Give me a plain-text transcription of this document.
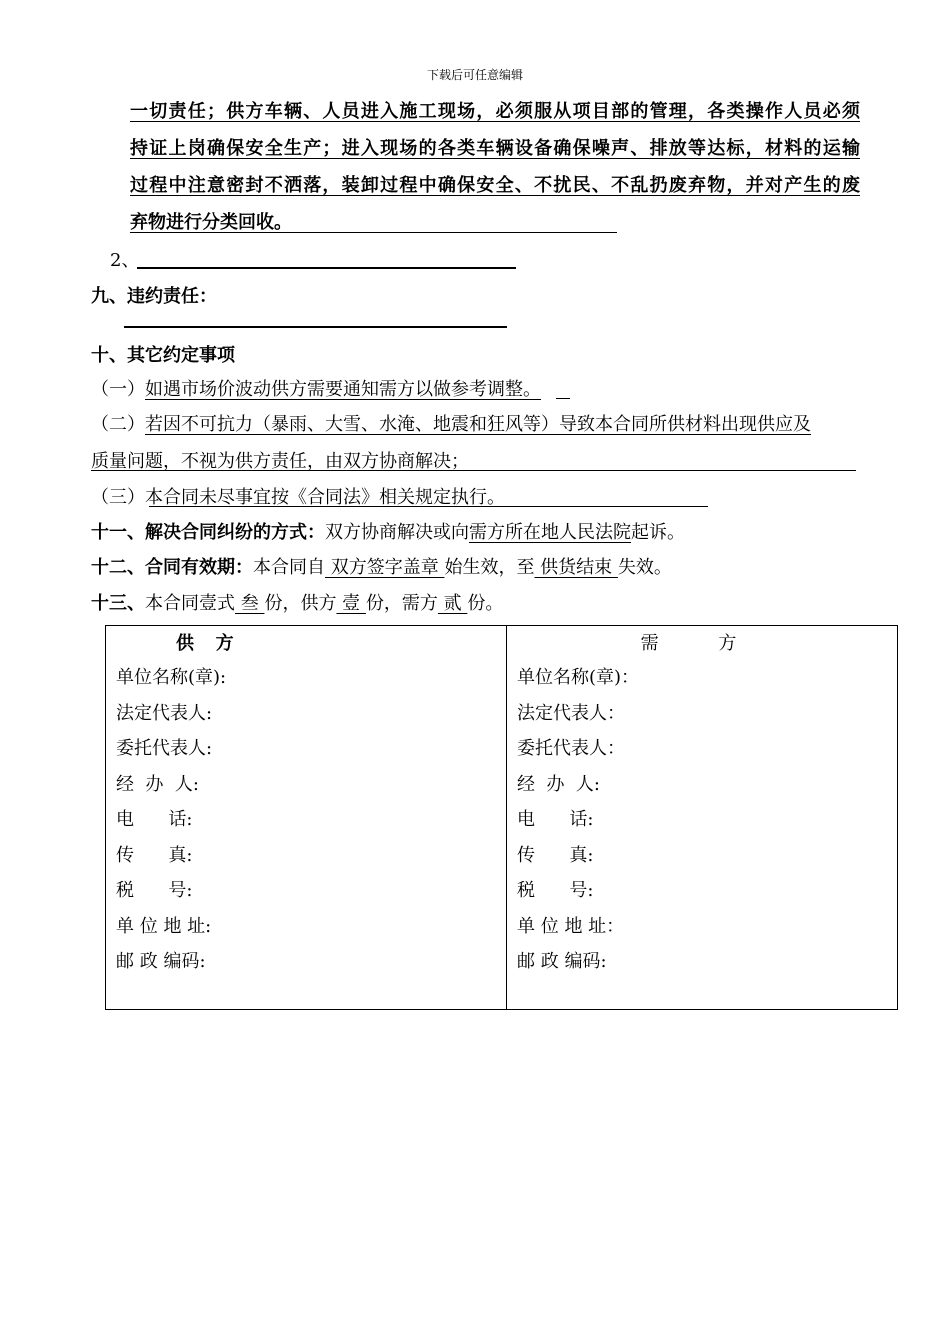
下载后可任意编辑
一切责任；供方车辆、人员进入施工现场，必须服从项目部的管理，各类操作人员必须
持证上岗确保安全生产；进入现场的各类车辆设备确保噪声、排放等达标，材料的运输
过程中注意密封不洒落，装卸过程中确保安全、不扰民、不乱扔废弃物，并对产生的废
弃物进行分类回收。
2、
九、违约责任：
十、其它约定事项
（一）如遇市场价波动供方需要通知需方以做参考调整。
（二）若因不可抗力（暴雨、大雪、水淹、地震和狂风等）导致本合同所供材料出现供应及
质量问题，不视为供方责任，由双方协商解决；
（三）本合同未尽事宜按《合同法》相关规定执行。
十一、解决合同纠纷的方式：双方协商解决或向需方所在地人民法院起诉。
十二、合同有效期：本合同自 双方签字盖章 始生效，至 供货结束 失效。
十三、本合同壹式 叁 份，供方 壹 份，需方 贰 份。
供方
单位名称(章):
法定代表人:
委托代表人:
经  办  人:
电      话:
传      真:
税      号:
单 位 地 址:
邮 政 编码:

需 方
单位名称(章)：
法定代表人：
委托代表人：
经  办  人:
电      话:
传      真:
税      号:
单 位 地 址：
邮 政 编码:
